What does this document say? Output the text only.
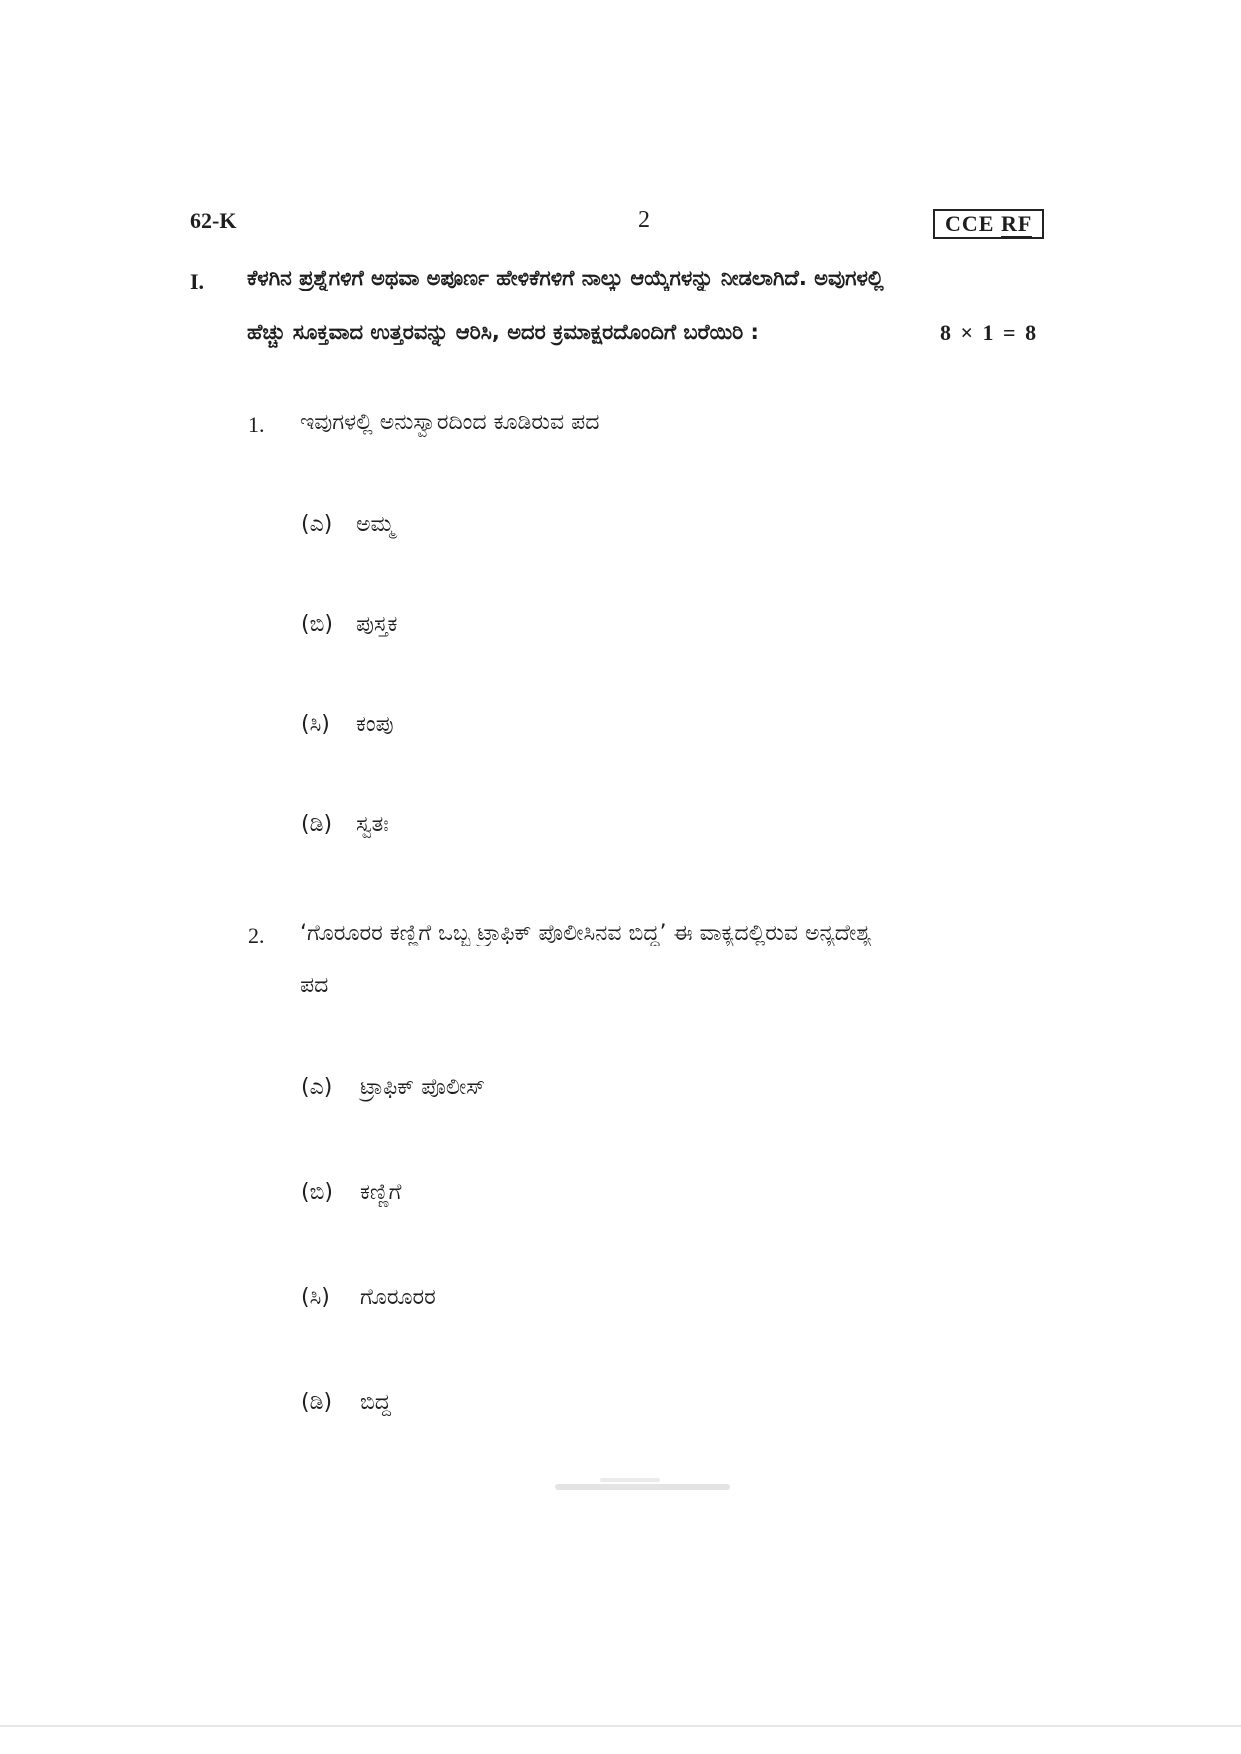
62-K	2	CCE RF
I. ಕೆಳಗಿನ ಪ್ರಶ್ನೆಗಳಿಗೆ ಅಥವಾ ಅಪೂರ್ಣ ಹೇಳಿಕೆಗಳಿಗೆ ನಾಲ್ಕು ಆಯ್ಕೆಗಳನ್ನು ನೀಡಲಾಗಿದೆ. ಅವುಗಳಲ್ಲಿ
ಹೆಚ್ಚು ಸೂಕ್ತವಾದ ಉತ್ತರವನ್ನು ಆರಿಸಿ, ಅದರ ಕ್ರಮಾಕ್ಷರದೊಂದಿಗೆ ಬರೆಯಿರಿ :	8 × 1 = 8
1. ಇವುಗಳಲ್ಲಿ ಅನುಸ್ವಾರದಿಂದ ಕೂಡಿರುವ ಪದ
(ಎ) ಅಮ್ಮ
(ಬಿ) ಪುಸ್ತಕ
(ಸಿ) ಕಂಪು
(ಡಿ) ಸ್ವತಃ
2. ‘ಗೊರೂರರ ಕಣ್ಣಿಗೆ ಒಬ್ಬ ಟ್ರಾಫಿಕ್ ಪೊಲೀಸಿನವ ಬಿದ್ದ’ ಈ ವಾಕ್ಯದಲ್ಲಿರುವ ಅನ್ಯದೇಶ್ಯ
ಪದ
(ಎ) ಟ್ರಾಫಿಕ್ ಪೊಲೀಸ್
(ಬಿ) ಕಣ್ಣಿಗೆ
(ಸಿ) ಗೊರೂರರ
(ಡಿ) ಬಿದ್ದ
